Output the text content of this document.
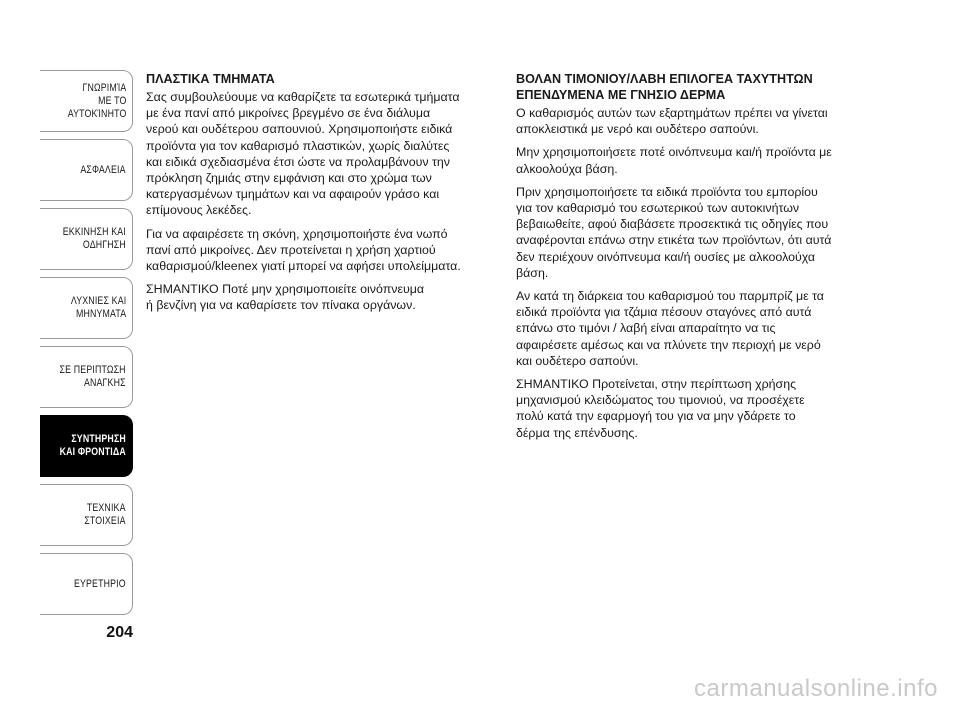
ΓΝΩΡΙΜΊΑ
ΜΕ ΤΟ
ΑΥΤΟΚΊΝΗΤΟ
ΑΣΦΑΛΕΙΑ
ΕΚΚΙΝΗΣΗ ΚΑΙ
ΟΔΗΓΗΣΗ
ΛΥΧΝΙΕΣ ΚΑΙ
ΜΗΝΥΜΑΤΑ
ΣΕ ΠΕΡΙΠΤΩΣΗ
ΑΝΑΓΚΗΣ
ΣΥΝΤΗΡΗΣΗ
ΚΑΙ ΦΡΟΝΤΙΔΑ
ΤΕΧΝΙΚΑ
ΣΤΟΙΧΕΙΑ
ΕΥΡΕΤΗΡΙΟ
204
ΠΛΑΣΤΙΚΑ ΤΜΗΜΑΤΑ

Σας συμβουλεύουμε να καθαρίζετε τα εσωτερικά τμήματα
με ένα πανί από μικροίνες βρεγμένο σε ένα διάλυμα
νερού και ουδέτερου σαπουνιού. Χρησιμοποιήστε ειδικά
προϊόντα για τον καθαρισμό πλαστικών, χωρίς διαλύτες
και ειδικά σχεδιασμένα έτσι ώστε να προλαμβάνουν την
πρόκληση ζημιάς στην εμφάνιση και στο χρώμα των
κατεργασμένων τμημάτων και να αφαιρούν γράσο και
επίμονους λεκέδες.

Για να αφαιρέσετε τη σκόνη, χρησιμοποιήστε ένα νωπό
πανί από μικροίνες. Δεν προτείνεται η χρήση χαρτιού
καθαρισμού/kleenex γιατί μπορεί να αφήσει υπολείμματα.

ΣΗΜΑΝΤΙΚΟ Ποτέ μην χρησιμοποιείτε οινόπνευμα
ή βενζίνη για να καθαρίσετε τον πίνακα οργάνων.

ΒΟΛΑΝ ΤΙΜΟΝΙΟΥ/ΛΑΒΗ ΕΠΙΛΟΓΕΑ ΤΑΧΥΤΗΤΩΝ
ΕΠΕΝΔΥΜΕΝΑ ΜΕ ΓΝΗΣΙΟ ΔΕΡΜΑ

Ο καθαρισμός αυτών των εξαρτημάτων πρέπει να γίνεται
αποκλειστικά με νερό και ουδέτερο σαπούνι.

Μην χρησιμοποιήσετε ποτέ οινόπνευμα και/ή προϊόντα με
αλκοολούχα βάση.

Πριν χρησιμοποιήσετε τα ειδικά προϊόντα του εμπορίου
για τον καθαρισμό του εσωτερικού των αυτοκινήτων
βεβαιωθείτε, αφού διαβάσετε προσεκτικά τις οδηγίες που
αναφέρονται επάνω στην ετικέτα των προϊόντων, ότι αυτά
δεν περιέχουν οινόπνευμα και/ή ουσίες με αλκοολούχα
βάση.

Αν κατά τη διάρκεια του καθαρισμού του παρμπρίζ με τα
ειδικά προϊόντα για τζάμια πέσουν σταγόνες από αυτά
επάνω στο τιμόνι / λαβή είναι απαραίτητο να τις
αφαιρέσετε αμέσως και να πλύνετε την περιοχή με νερό
και ουδέτερο σαπούνι.

ΣΗΜΑΝΤΙΚΟ Προτείνεται, στην περίπτωση χρήσης
μηχανισμού κλειδώματος του τιμονιού, να προσέχετε
πολύ κατά την εφαρμογή του για να μην γδάρετε το
δέρμα της επένδυσης.

carmanualsonline.info
